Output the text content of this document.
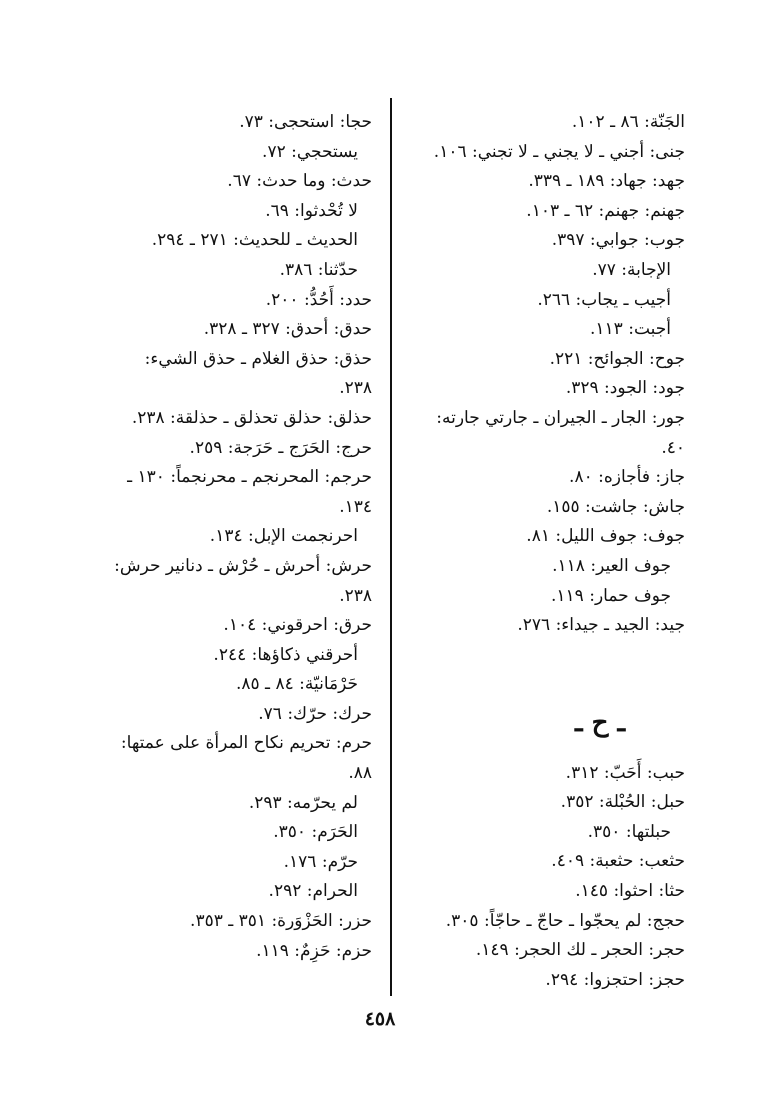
الجَنّة: ٨٦ ـ ١٠٢.
جنى: أجني ـ لا يجني ـ لا تجني: ١٠٦.
جهد: جهاد: ١٨٩ ـ ٣٣٩.
جهنم: جهنم: ٦٢ ـ ١٠٣.
جوب: جوابي: ٣٩٧.
الإجابة: ٧٧.
أجيب ـ يجاب: ٢٦٦.
أجبت: ١١٣.
جوح: الجوائح: ٢٢١.
جود: الجود: ٣٢٩.
جور: الجار ـ الجيران ـ جارتي جارته:
٤٠.
جاز: فأجازه: ٨٠.
جاش: جاشت: ١٥٥.
جوف: جوف الليل: ٨١.
جوف العير: ١١٨.
جوف حمار: ١١٩.
جيد: الجيد ـ جيداء: ٢٧٦.
ـ ح ـ
حبب: أَحَبّ: ٣١٢.
حبل: الحُبْلة: ٣٥٢.
حبلتها: ٣٥٠.
حثعب: حثعبة: ٤٠٩.
حثا: احثوا: ١٤٥.
حجج: لم يحجّوا ـ حاجّ ـ حاجّاً: ٣٠٥.
حجر: الحجر ـ لك الحجر: ١٤٩.
حجز: احتجزوا: ٢٩٤.
حجا: استحجى: ٧٣.
يستحجي: ٧٢.
حدث: وما حدث: ٦٧.
لا تُحْدثوا: ٦٩.
الحديث ـ للحديث: ٢٧١ ـ ٢٩٤.
حدّثنا: ٣٨٦.
حدد: أَحُدُّ: ٢٠٠.
حدق: أحدق: ٣٢٧ ـ ٣٢٨.
حذق: حذق الغلام ـ حذق الشيء:
٢٣٨.
حذلق: حذلق تحذلق ـ حذلقة: ٢٣٨.
حرج: الحَرَج ـ حَرَجة: ٢٥٩.
حرجم: المحرنجم ـ محرنجماً: ١٣٠ ـ
١٣٤.
احرنجمت الإبل: ١٣٤.
حرش: أحرش ـ حُرْش ـ دنانير حرش:
٢٣٨.
حرق: احرقوني: ١٠٤.
أحرقني ذكاؤها: ٢٤٤.
حَرْمَانيّة: ٨٤ ـ ٨٥.
حرك: حرّك: ٧٦.
حرم: تحريم نكاح المرأة على عمتها:
٨٨.
لم يحرّمه: ٢٩٣.
الحَرَم: ٣٥٠.
حرّم: ١٧٦.
الحرام: ٢٩٢.
حزر: الحَزْوَرة: ٣٥١ ـ ٣٥٣.
حزم: حَزِمٌ: ١١٩.
٤٥٨
